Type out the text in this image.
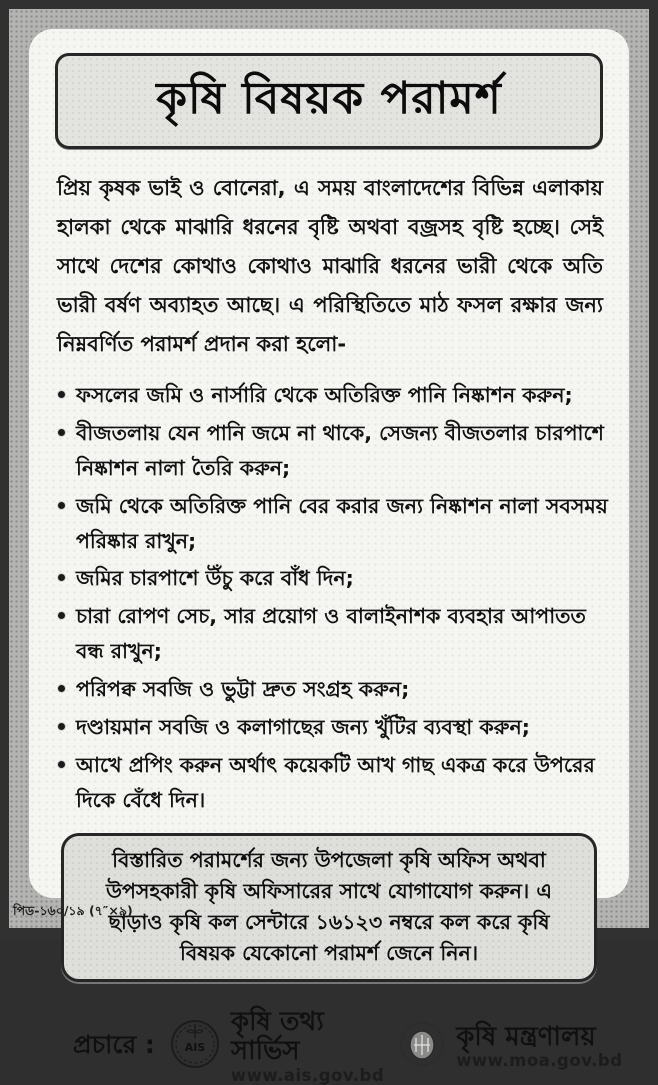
কৃষি বিষয়ক পরামর্শ

প্রিয় কৃষক ভাই ও বোনেরা, এ সময় বাংলাদেশের বিভিন্ন এলাকায় হালকা থেকে মাঝারি ধরনের বৃষ্টি অথবা বজ্রসহ বৃষ্টি হচ্ছে। সেই সাথে দেশের কোথাও কোথাও মাঝারি ধরনের ভারী থেকে অতি ভারী বর্ষণ অব্যাহত আছে। এ পরিস্থিতিতে মাঠ ফসল রক্ষার জন্য নিম্নবর্ণিত পরামর্শ প্রদান করা হলো-

ফসলের জমি ও নার্সারি থেকে অতিরিক্ত পানি নিষ্কাশন করুন;
বীজতলায় যেন পানি জমে না থাকে, সেজন্য বীজতলার চারপাশে নিষ্কাশন নালা তৈরি করুন;
জমি থেকে অতিরিক্ত পানি বের করার জন্য নিষ্কাশন নালা সবসময় পরিষ্কার রাখুন;
জমির চারপাশে উঁচু করে বাঁধ দিন;
চারা রোপণ সেচ, সার প্রয়োগ ও বালাইনাশক ব্যবহার আপাতত বন্ধ রাখুন;
পরিপক্ব সবজি ও ভুট্টা দ্রুত সংগ্রহ করুন;
দণ্ডায়মান সবজি ও কলাগাছের জন্য খুঁটির ব্যবস্থা করুন;
আখে প্রপিং করুন অর্থাৎ কয়েকটি আখ গাছ একত্র করে উপরের দিকে বেঁধে দিন।
বিস্তারিত পরামর্শের জন্য উপজেলা কৃষি অফিস অথবা উপসহকারী কৃষি অফিসারের সাথে যোগাযোগ করুন। এ ছাড়াও কৃষি কল সেন্টারে ১৬১২৩ নম্বরে কল করে কৃষি বিষয়ক যেকোনো পরামর্শ জেনে নিন।
প্রচারে :	AIS
কৃষি তথ্য সার্ভিস
www.ais.gov.bd
কৃষি মন্ত্রণালয়
www.moa.gov.bd
পিড-১৬০/১৯ (৭″×৯)
